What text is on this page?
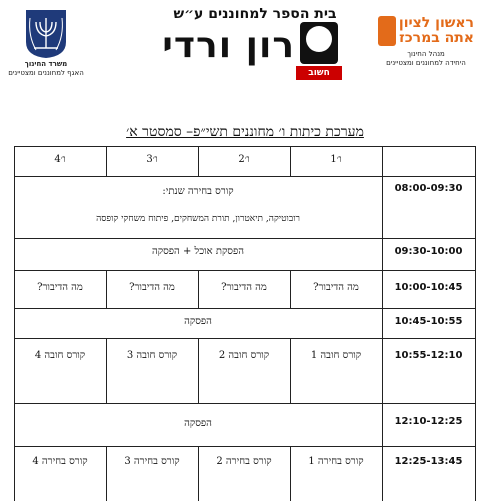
משרד החינוך
האגף למחוננים ומצטיינים
בית הספר למחוננים ע״ש
רון ורדי
חשוב
ראשון לציון אתה במרכז
מנהל החינוך
היחידה למחוננים ומצטיינים
מערכת כיתות ו׳ מחוננים תשי״פ– סמסטר א׳
ו׳1
ו׳2
ו׳3
ו׳4
08:00-09:30
קורס בחירה שנתי:
רובוטיקה, תיאטרון, תורת המשחקים, פיתוח משחקי קופסה
09:30-10:00
הפסקת אוכל + הפסקה
10:00-10:45
מה הדיבור?
מה הדיבור?
מה הדיבור?
מה הדיבור?
10:45-10:55
הפסקה
10:55-12:10
קורס חובה 1
קורס חובה 2
קורס חובה 3
קורס חובה 4
12:10-12:25
הפסקה
12:25-13:45
קורס בחירה 1
קורס בחירה 2
קורס בחירה 3
קורס בחירה 4
